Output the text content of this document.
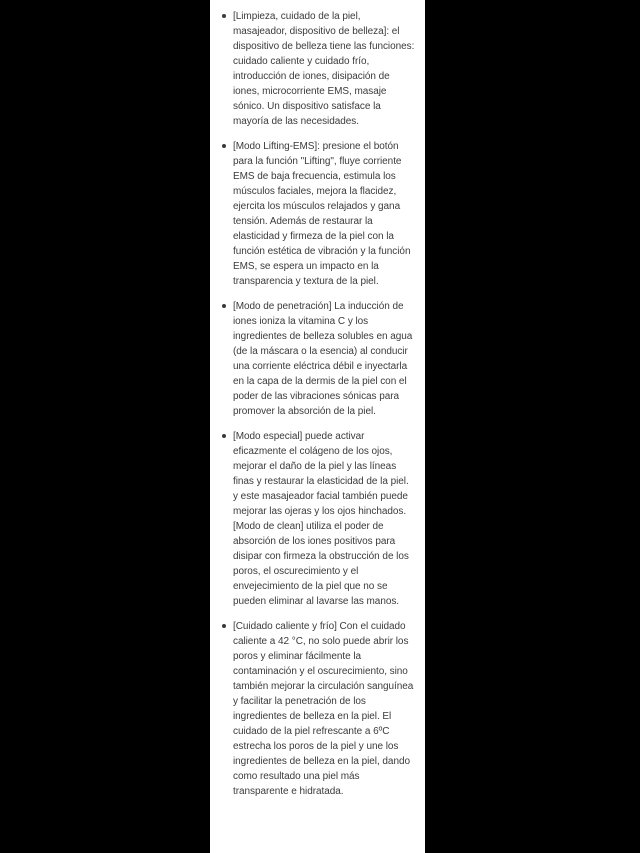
[Limpieza, cuidado de la piel, masajeador, dispositivo de belleza]: el dispositivo de belleza tiene las funciones: cuidado caliente y cuidado frío, introducción de iones, disipación de iones, microcorriente EMS, masaje sónico. Un dispositivo satisface la mayoría de las necesidades.
[Modo Lifting-EMS]: presione el botón para la función "Lifting", fluye corriente EMS de baja frecuencia, estimula los músculos faciales, mejora la flacidez, ejercita los músculos relajados y gana tensión. Además de restaurar la elasticidad y firmeza de la piel con la función estética de vibración y la función EMS, se espera un impacto en la transparencia y textura de la piel.
[Modo de penetración] La inducción de iones ioniza la vitamina C y los ingredientes de belleza solubles en agua (de la máscara o la esencia) al conducir una corriente eléctrica débil e inyectarla en la capa de la dermis de la piel con el poder de las vibraciones sónicas para promover la absorción de la piel.
[Modo especial] puede activar eficazmente el colágeno de los ojos, mejorar el daño de la piel y las líneas finas y restaurar la elasticidad de la piel. y este masajeador facial también puede mejorar las ojeras y los ojos hinchados.[Modo de clean] utiliza el poder de absorción de los iones positivos para disipar con firmeza la obstrucción de los poros, el oscurecimiento y el envejecimiento de la piel que no se pueden eliminar al lavarse las manos.
[Cuidado caliente y frío] Con el cuidado caliente a 42 °C, no solo puede abrir los poros y eliminar fácilmente la contaminación y el oscurecimiento, sino también mejorar la circulación sanguínea y facilitar la penetración de los ingredientes de belleza en la piel. El cuidado de la piel refrescante a 6ºC estrecha los poros de la piel y une los ingredientes de belleza en la piel, dando como resultado una piel más transparente e hidratada.
